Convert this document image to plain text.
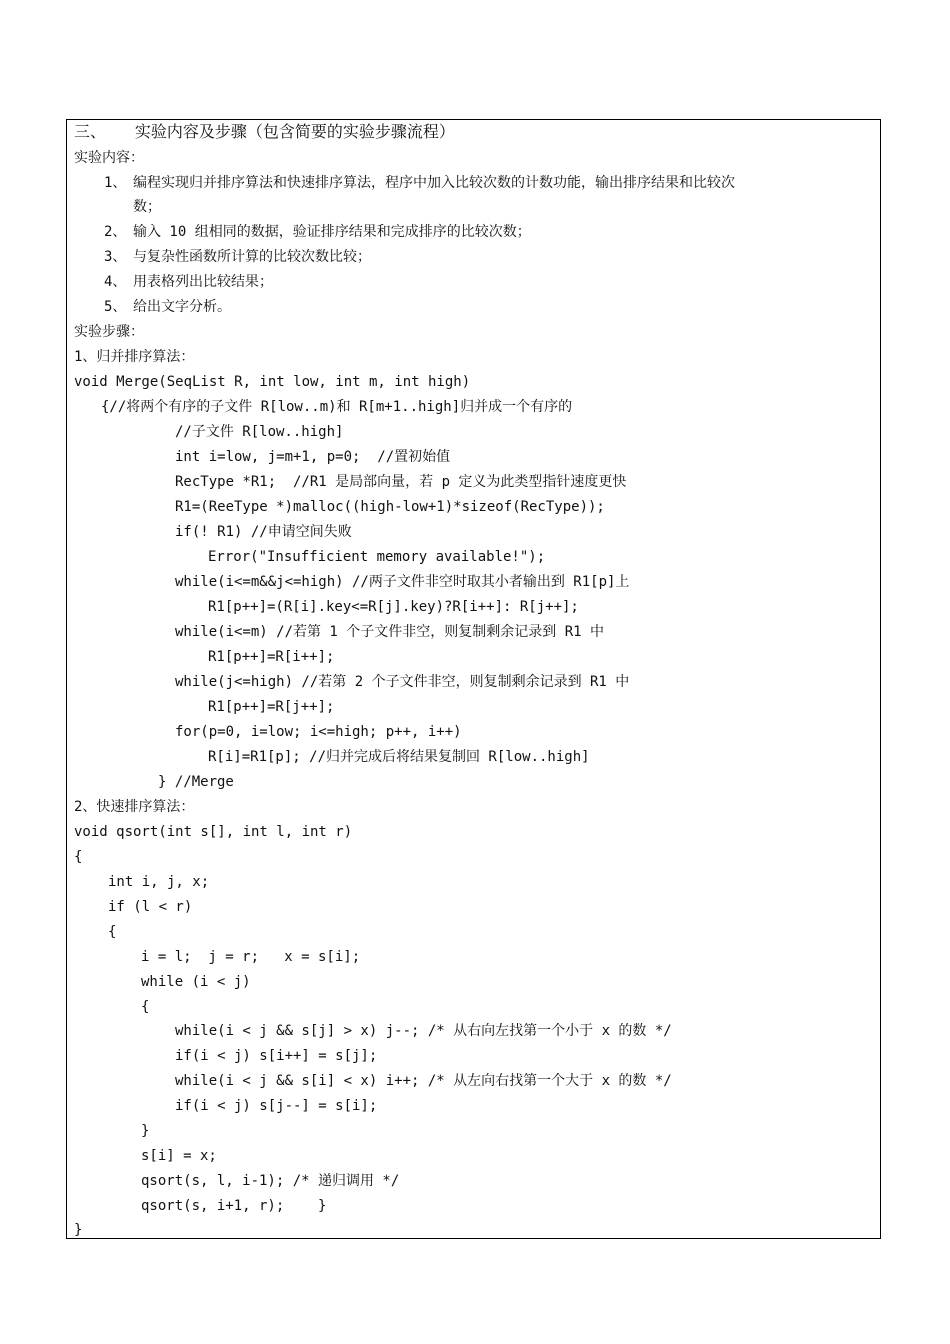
三、   实验内容及步骤（包含简要的实验步骤流程）
实验内容：
1、 编程实现归并排序算法和快速排序算法，程序中加入比较次数的计数功能，输出排序结果和比较次
数；
2、 输入 10 组相同的数据，验证排序结果和完成排序的比较次数；
3、 与复杂性函数所计算的比较次数比较；
4、 用表格列出比较结果；
5、 给出文字分析。
实验步骤：
1、归并排序算法：
void Merge(SeqList R, int low, int m, int high)
{//将两个有序的子文件 R[low..m)和 R[m+1..high]归并成一个有序的
//子文件 R[low..high]
int i=low, j=m+1, p=0;  //置初始值
RecType *R1;  //R1 是局部向量，若 p 定义为此类型指针速度更快
R1=(ReeType *)malloc((high-low+1)*sizeof(RecType));
if(! R1) //申请空间失败
Error("Insufficient memory available!");
while(i<=m&&j<=high) //两子文件非空时取其小者输出到 R1[p]上
R1[p++]=(R[i].key<=R[j].key)?R[i++]: R[j++];
while(i<=m) //若第 1 个子文件非空，则复制剩余记录到 R1 中
R1[p++]=R[i++];
while(j<=high) //若第 2 个子文件非空，则复制剩余记录到 R1 中
R1[p++]=R[j++];
for(p=0, i=low; i<=high; p++, i++)
R[i]=R1[p]; //归并完成后将结果复制回 R[low..high]
} //Merge
2、快速排序算法：
void qsort(int s[], int l, int r)
{
int i, j, x;
if (l < r)
{
i = l;  j = r;   x = s[i];
while (i < j)
{
while(i < j && s[j] > x) j--; /* 从右向左找第一个小于 x 的数 */
if(i < j) s[i++] = s[j];
while(i < j && s[i] < x) i++; /* 从左向右找第一个大于 x 的数 */
if(i < j) s[j--] = s[i];
}
s[i] = x;
qsort(s, l, i-1); /* 递归调用 */
qsort(s, i+1, r);    }
}
